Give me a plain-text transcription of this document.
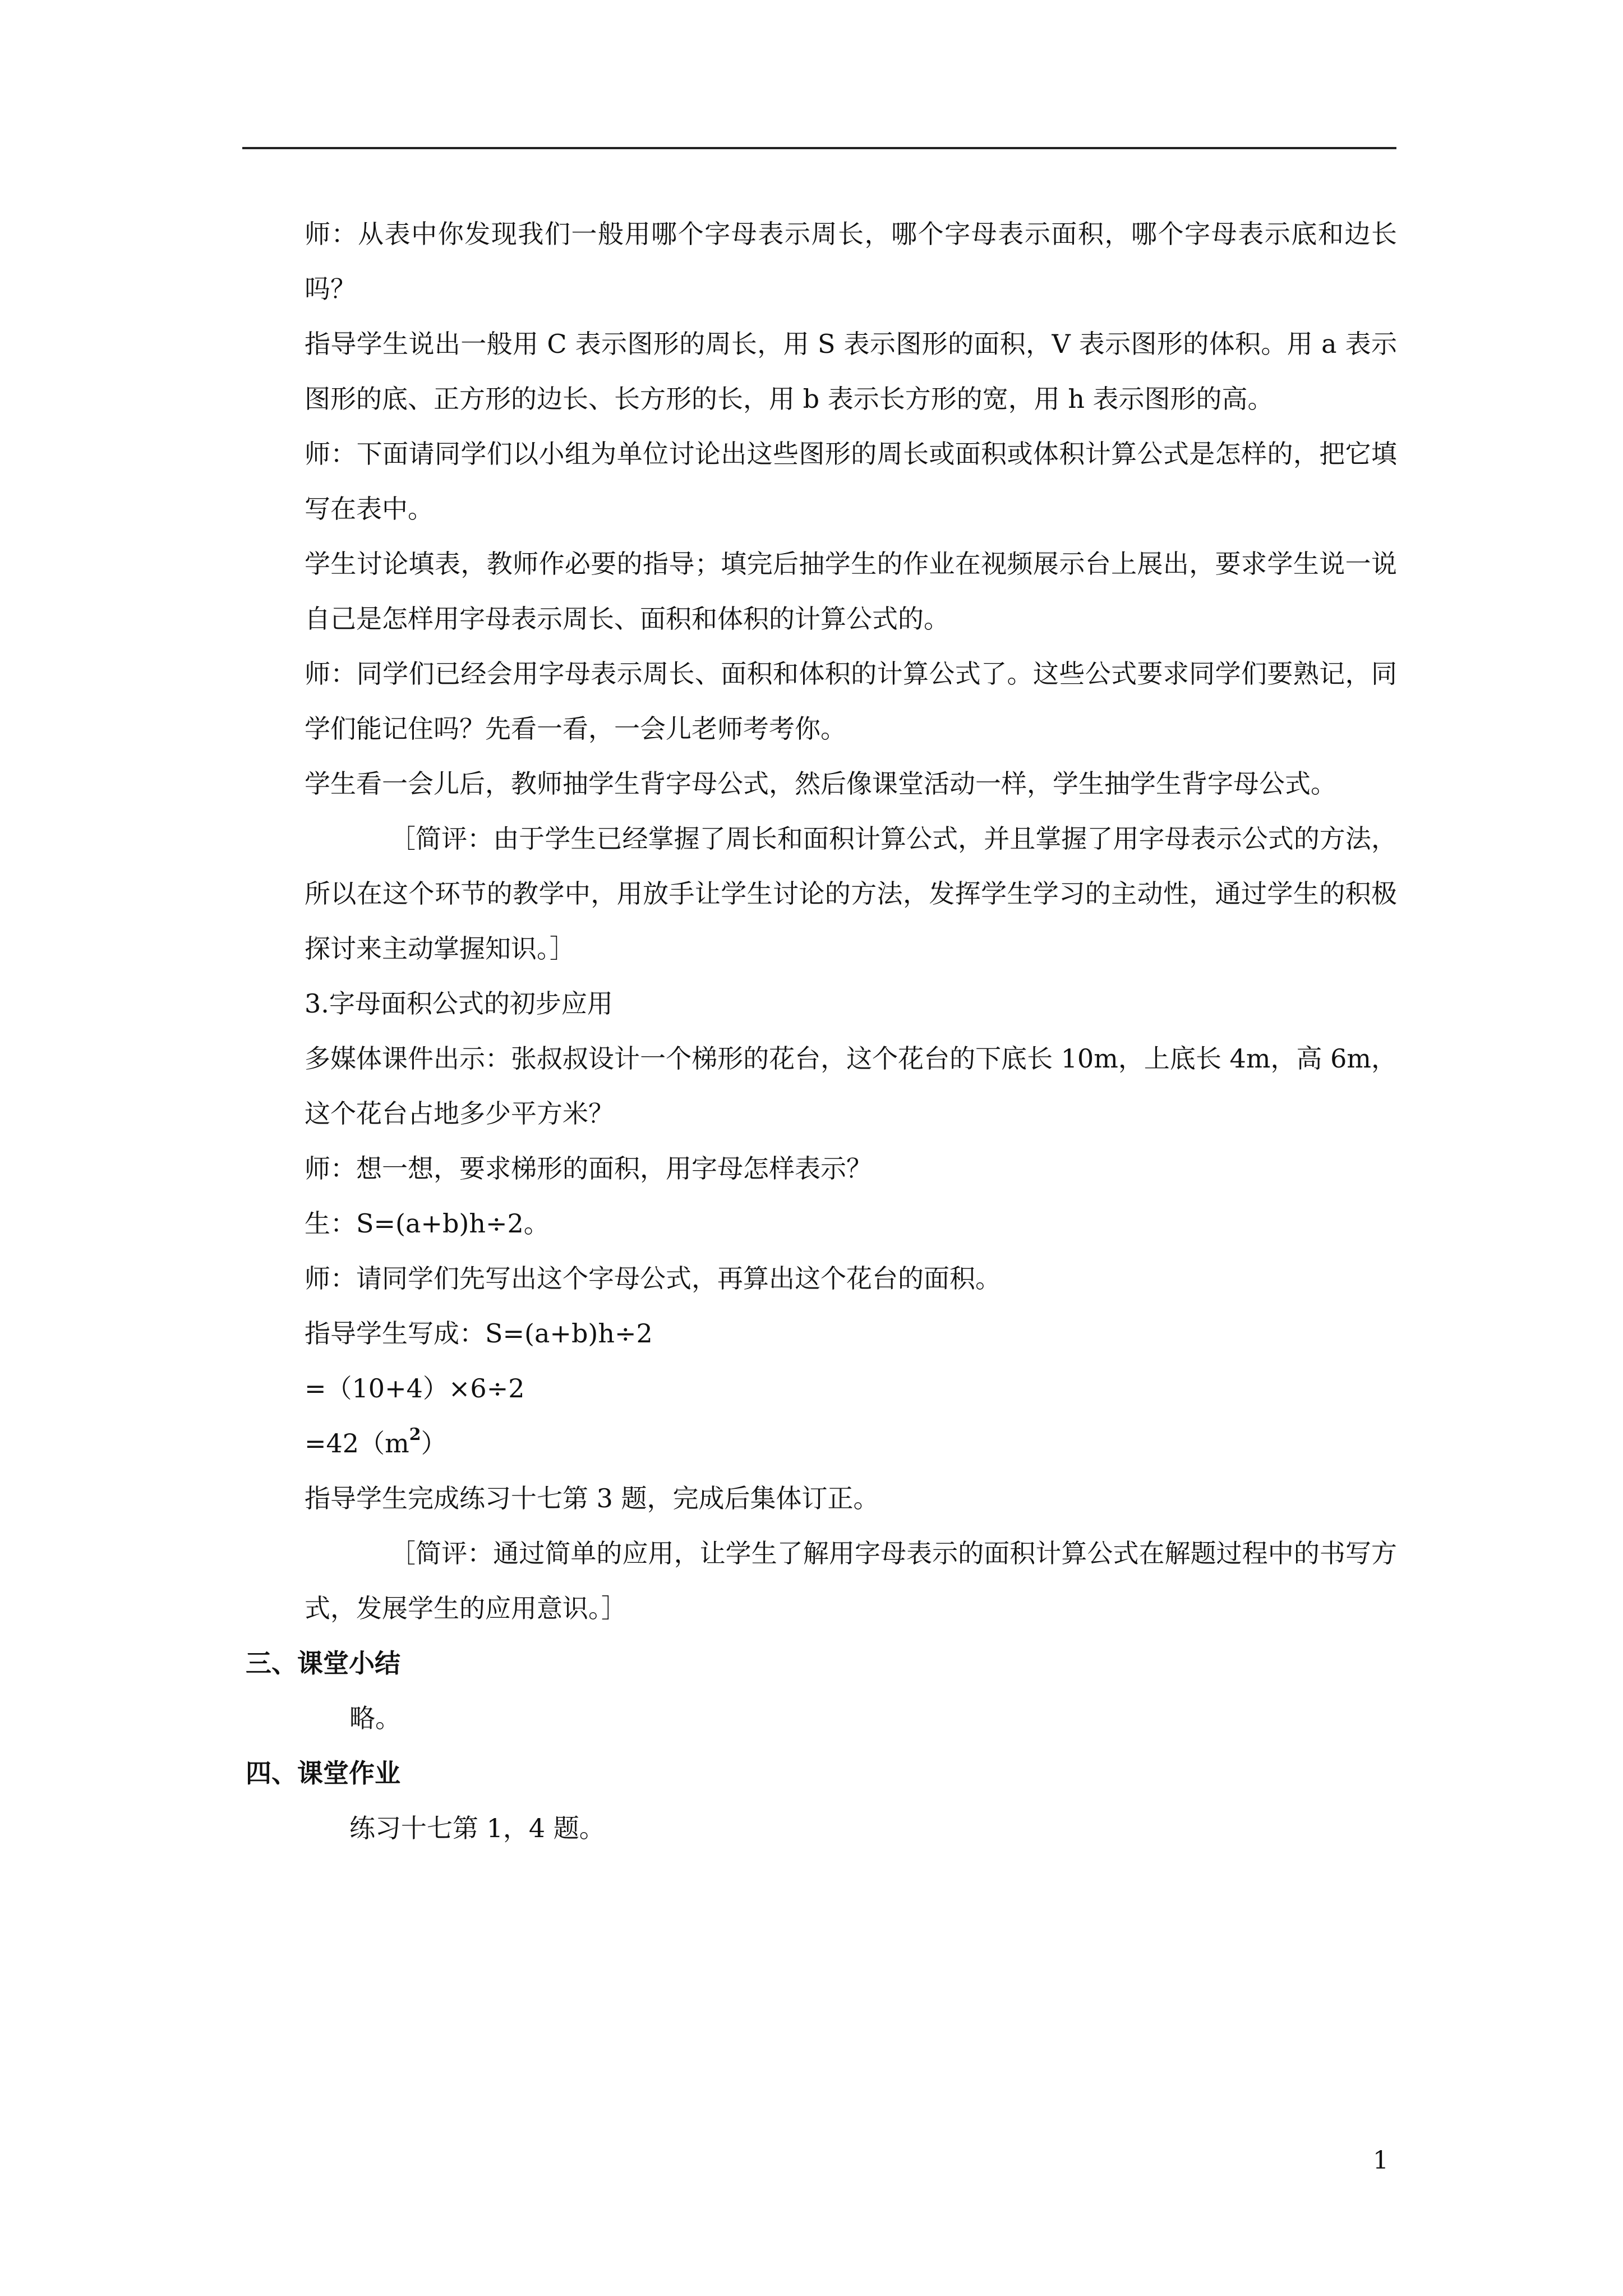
师：从表中你发现我们一般用哪个字母表示周长，哪个字母表示面积，哪个字母表示底和边长吗？

指导学生说出一般用 C 表示图形的周长，用 S 表示图形的面积，V 表示图形的体积。用 a 表示图形的底、正方形的边长、长方形的长，用 b 表示长方形的宽，用 h 表示图形的高。

师：下面请同学们以小组为单位讨论出这些图形的周长或面积或体积计算公式是怎样的，把它填写在表中。

学生讨论填表，教师作必要的指导；填完后抽学生的作业在视频展示台上展出，要求学生说一说自己是怎样用字母表示周长、面积和体积的计算公式的。

师：同学们已经会用字母表示周长、面积和体积的计算公式了。这些公式要求同学们要熟记，同学们能记住吗？先看一看，一会儿老师考考你。

学生看一会儿后，教师抽学生背字母公式，然后像课堂活动一样，学生抽学生背字母公式。

［简评：由于学生已经掌握了周长和面积计算公式，并且掌握了用字母表示公式的方法，所以在这个环节的教学中，用放手让学生讨论的方法，发挥学生学习的主动性，通过学生的积极探讨来主动掌握知识。］

3.字母面积公式的初步应用

多媒体课件出示：张叔叔设计一个梯形的花台，这个花台的下底长 10m，上底长 4m，高 6m，这个花台占地多少平方米？

师：想一想，要求梯形的面积，用字母怎样表示？

生：S=(a+b)h÷2。

师：请同学们先写出这个字母公式，再算出这个花台的面积。

指导学生写成：S=(a+b)h÷2

=（10+4）×6÷2

$=42(m^2)$

指导学生完成练习十七第 3 题，完成后集体订正。

［简评：通过简单的应用，让学生了解用字母表示的面积计算公式在解题过程中的书写方式，发展学生的应用意识。］

三、课堂小结

略。

四、课堂作业

练习十七第 1，4 题。

1
